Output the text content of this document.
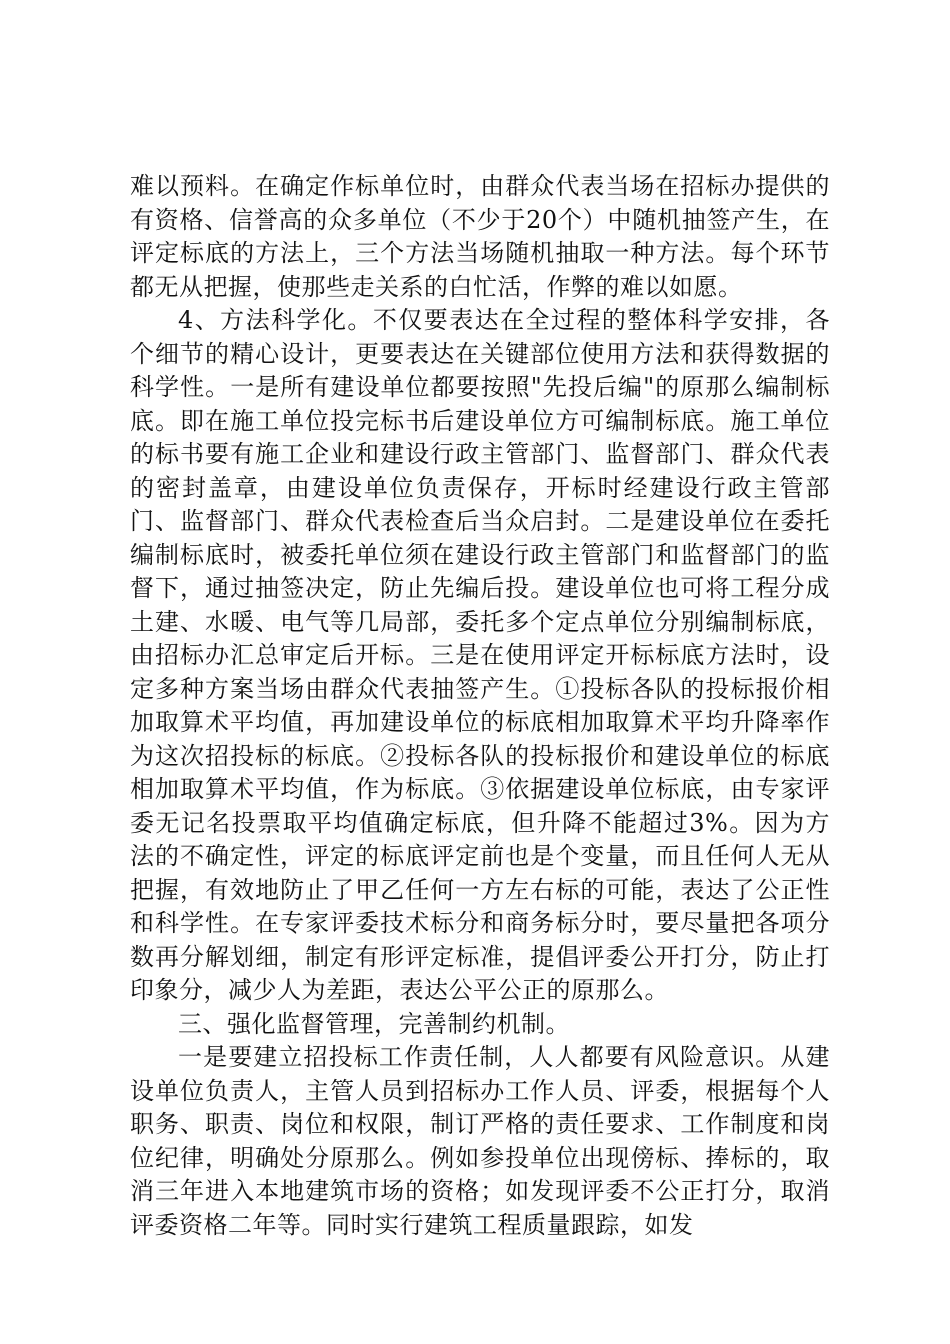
难以预料。在确定作标单位时，由群众代表当场在招标办提供的有资格、信誉高的众多单位（不少于20个）中随机抽签产生，在评定标底的方法上，三个方法当场随机抽取一种方法。每个环节都无从把握，使那些走关系的白忙活，作弊的难以如愿。

4、方法科学化。不仅要表达在全过程的整体科学安排，各个细节的精心设计，更要表达在关键部位使用方法和获得数据的科学性。一是所有建设单位都要按照"先投后编"的原那么编制标底。即在施工单位投完标书后建设单位方可编制标底。施工单位的标书要有施工企业和建设行政主管部门、监督部门、群众代表的密封盖章，由建设单位负责保存，开标时经建设行政主管部门、监督部门、群众代表检查后当众启封。二是建设单位在委托编制标底时，被委托单位须在建设行政主管部门和监督部门的监督下，通过抽签决定，防止先编后投。建设单位也可将工程分成土建、水暖、电气等几局部，委托多个定点单位分别编制标底，由招标办汇总审定后开标。三是在使用评定开标标底方法时，设定多种方案当场由群众代表抽签产生。①投标各队的投标报价相加取算术平均值，再加建设单位的标底相加取算术平均升降率作为这次招投标的标底。②投标各队的投标报价和建设单位的标底相加取算术平均值，作为标底。③依据建设单位标底，由专家评委无记名投票取平均值确定标底，但升降不能超过3%。因为方法的不确定性，评定的标底评定前也是个变量，而且任何人无从把握，有效地防止了甲乙任何一方左右标的可能，表达了公正性和科学性。在专家评委技术标分和商务标分时，要尽量把各项分数再分解划细，制定有形评定标准，提倡评委公开打分，防止打印象分，减少人为差距，表达公平公正的原那么。

三、强化监督管理，完善制约机制。

一是要建立招投标工作责任制，人人都要有风险意识。从建设单位负责人，主管人员到招标办工作人员、评委，根据每个人职务、职责、岗位和权限，制订严格的责任要求、工作制度和岗位纪律，明确处分原那么。例如参投单位出现傍标、捧标的，取消三年进入本地建筑市场的资格；如发现评委不公正打分，取消评委资格二年等。同时实行建筑工程质量跟踪，如发
